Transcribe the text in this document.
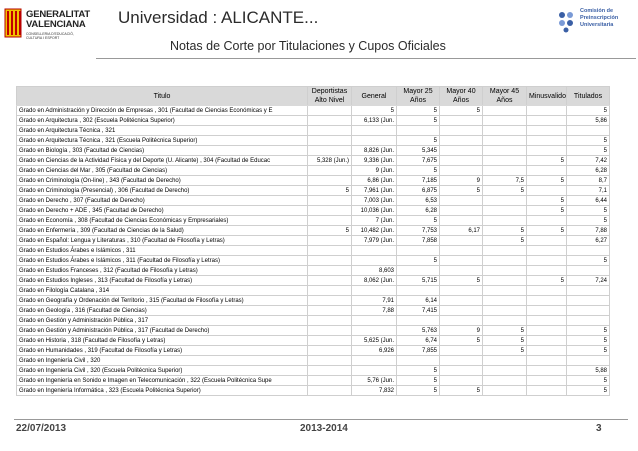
GENERALITAT
VALENCIANA
CONSELLERIA D'EDUCACIÓ,
CULTURA I ESPORT
Universidad : ALICANTE...
Notas de Corte por Titulaciones y Cupos Oficiales
Comisión de
Preinscripción
Universitaria
Titulo	Deportistas Alto Nivel	General	Mayor 25 Años	Mayor 40 Años	Mayor 45 Años	Minusvalido	Titulados
Grado en Administración y Dirección de Empresas , 301 (Facultad de Ciencias Económicas y E		5	5	5			5
Grado en Arquitectura , 302 (Escuela Politécnica Superior)		6,133 (Jun.	5				5,86
Grado en Arquitectura Técnica , 321							
Grado en Arquitectura Técnica , 321 (Escuela Politécnica Superior)			5				5
Grado en Biología , 303 (Facultad de Ciencias)		8,826 (Jun.	5,345				5
Grado en Ciencias de la Actividad Física y del Deporte (U. Alicante) , 304 (Facultad de Educac	5,328 (Jun.)	9,336 (Jun.	7,675			5	7,42
Grado en Ciencias del Mar , 305 (Facultad de Ciencias)		9 (Jun.	5				6,28
Grado en Criminología (On-line) , 343 (Facultad de Derecho)		6,86 (Jun.	7,185	9	7,5	5	8,7
Grado en Criminología (Presencial) , 306 (Facultad de Derecho)	5	7,961 (Jun.	6,875	5	5		7,1
Grado en Derecho , 307 (Facultad de Derecho)		7,003 (Jun.	6,53			5	6,44
Grado en Derecho + ADE , 345 (Facultad de Derecho)		10,036 (Jun.	6,28			5	5
Grado en Economía , 308 (Facultad de Ciencias Económicas y Empresariales)		7 (Jun.	5				5
Grado en Enfermería , 309 (Facultad de Ciencias de la Salud)	5	10,482 (Jun.	7,753	6,17	5	5	7,88
Grado en Español: Lengua y Literaturas , 310 (Facultad de Filosofía y Letras)		7,979 (Jun.	7,858		5		6,27
Grado en Estudios Árabes e Islámicos , 311							
Grado en Estudios Árabes e Islámicos , 311 (Facultad de Filosofía y Letras)			5				5
Grado en Estudios Franceses , 312 (Facultad de Filosofía y Letras)		8,603					
Grado en Estudios Ingleses , 313 (Facultad de Filosofía y Letras)		8,062 (Jun.	5,715	5		5	7,24
Grado en Filología Catalana , 314							
Grado en Geografía y Ordenación del Territorio , 315 (Facultad de Filosofía y Letras)		7,91	6,14				
Grado en Geología , 316 (Facultad de Ciencias)		7,88	7,415				
Grado en Gestión y Administración Pública , 317							
Grado en Gestión y Administración Pública , 317 (Facultad de Derecho)			5,763	9	5		5
Grado en Historia , 318 (Facultad de Filosofía y Letras)		5,625 (Jun.	6,74	5	5		5
Grado en Humanidades , 319 (Facultad de Filosofía y Letras)		6,926	7,855		5		5
Grado en Ingeniería Civil , 320							
Grado en Ingeniería Civil , 320 (Escuela Politécnica Superior)			5				5,88
Grado en Ingeniería en Sonido e Imagen en Telecomunicación , 322 (Escuela Politécnica Supe		5,76 (Jun.	5				5
Grado en Ingeniería Informática , 323 (Escuela Politécnica Superior)		7,832	5	5			5
22/07/2013	2013-2014	3
